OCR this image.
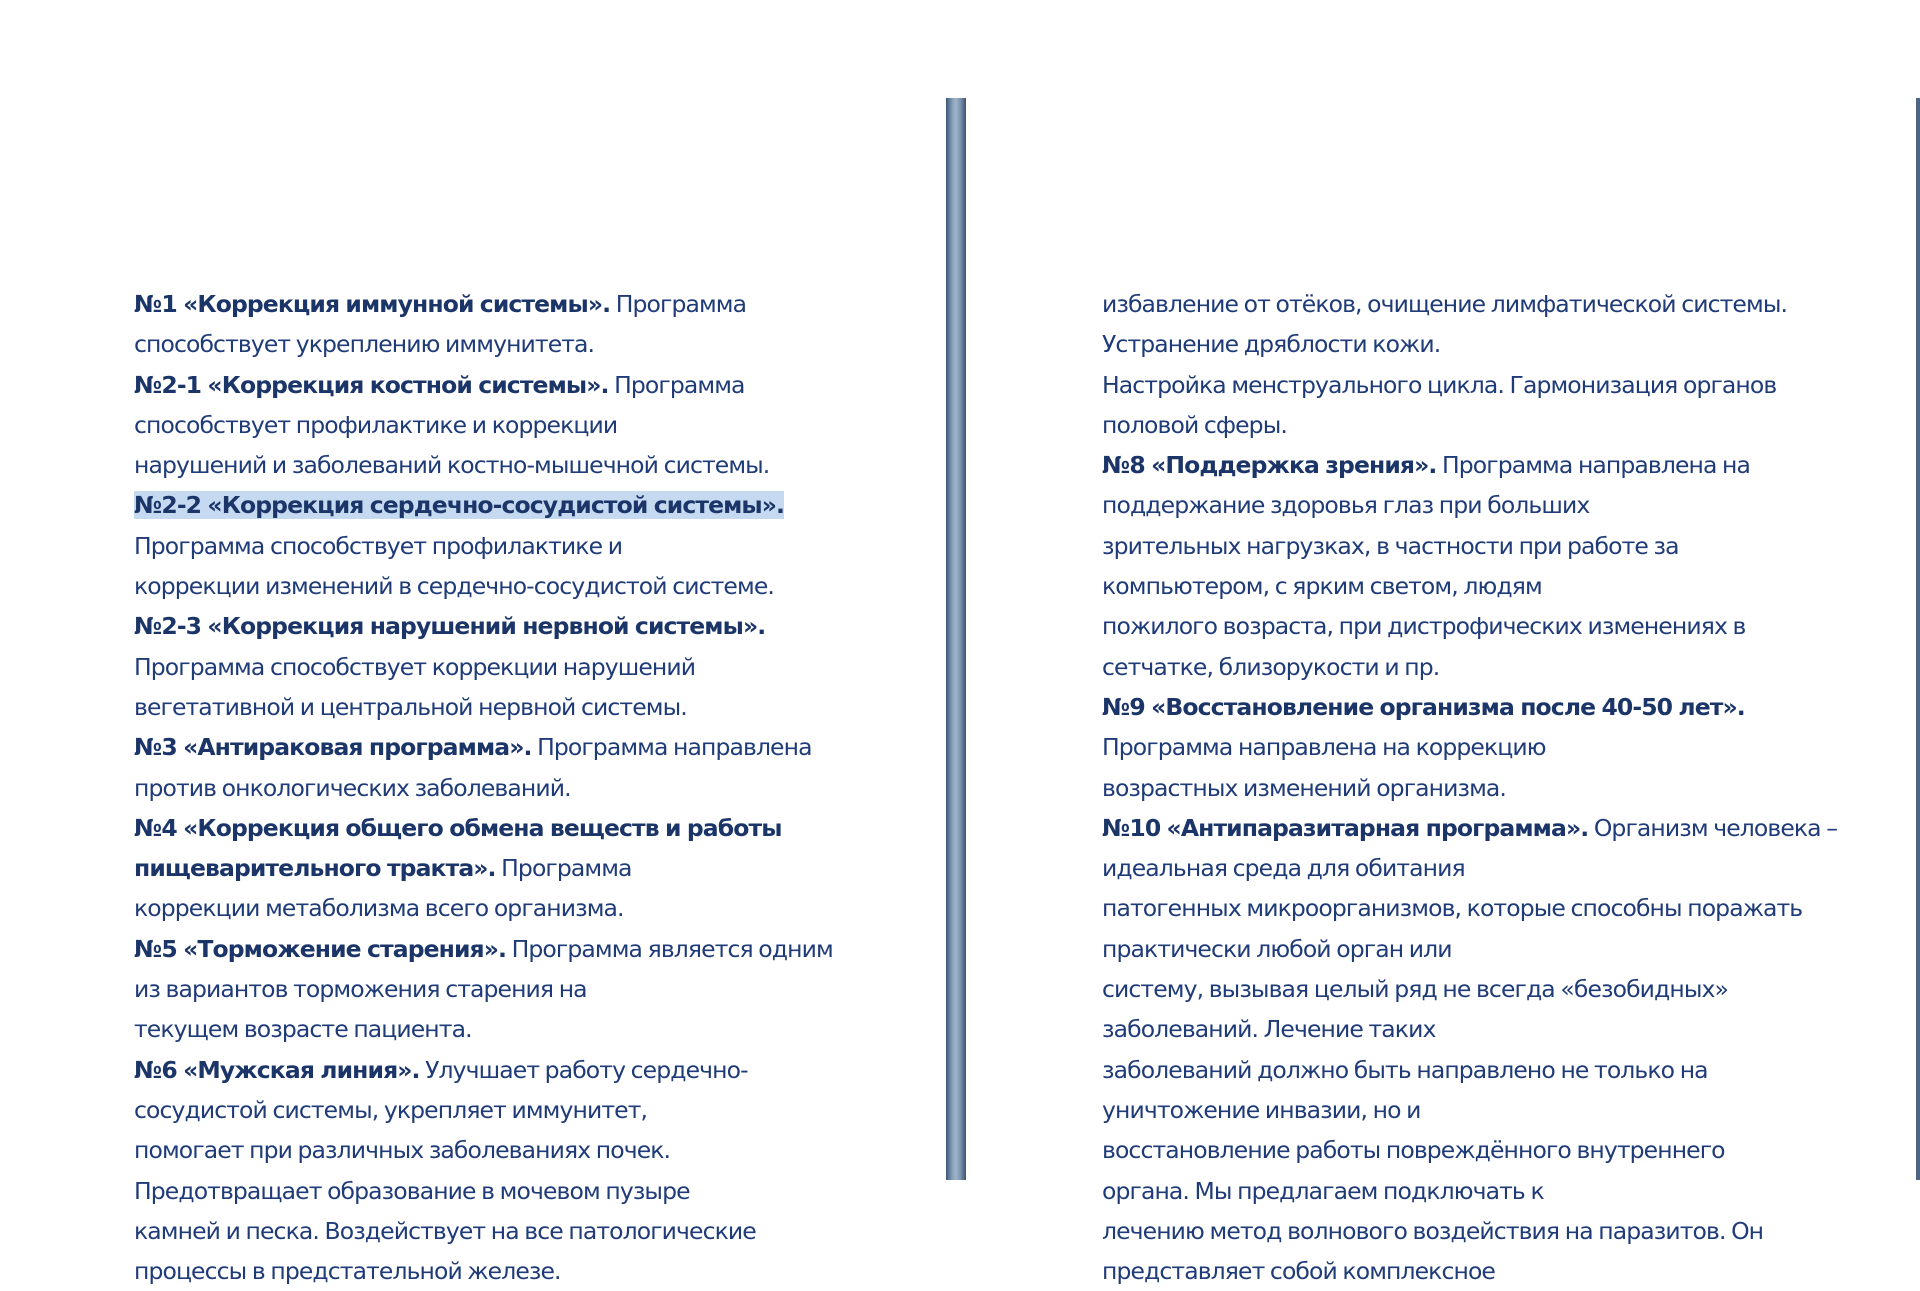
№1 «Коррекция иммунной системы». Программа
способствует укреплению иммунитета.
№2-1 «Коррекция костной системы». Программа
способствует профилактике и коррекции
нарушений и заболеваний костно-мышечной системы.
№2-2 «Коррекция сердечно-сосудистой системы».
Программа способствует профилактике и
коррекции изменений в сердечно-сосудистой системе.
№2-3 «Коррекция нарушений нервной системы».
Программа способствует коррекции нарушений
вегетативной и центральной нервной системы.
№3 «Антираковая программа». Программа направлена
против онкологических заболеваний.
№4 «Коррекция общего обмена веществ и работы
пищеварительного тракта». Программа
коррекции метаболизма всего организма.
№5 «Торможение старения». Программа является одним
из вариантов торможения старения на
текущем возрасте пациента.
№6 «Мужская линия». Улучшает работу сердечно-
сосудистой системы, укрепляет иммунитет,
помогает при различных заболеваниях почек.
Предотвращает образование в мочевом пузыре
камней и песка. Воздействует на все патологические
процессы в предстательной железе.
избавление от отёков, очищение лимфатической системы.
Устранение дряблости кожи.
Настройка менструального цикла. Гармонизация органов
половой сферы.
№8 «Поддержка зрения». Программа направлена на
поддержание здоровья глаз при больших
зрительных нагрузках, в частности при работе за
компьютером, с ярким светом, людям
пожилого возраста, при дистрофических изменениях в
сетчатке, близорукости и пр.
№9 «Восстановление организма после 40-50 лет».
Программа направлена на коррекцию
возрастных изменений организма.
№10 «Антипаразитарная программа». Организм человека –
идеальная среда для обитания
патогенных микроорганизмов, которые способны поражать
практически любой орган или
систему, вызывая целый ряд не всегда «безобидных»
заболеваний. Лечение таких
заболеваний должно быть направлено не только на
уничтожение инвазии, но и
восстановление работы повреждённого внутреннего
органа. Мы предлагаем подключать к
лечению метод волнового воздействия на паразитов. Он
представляет собой комплексное
